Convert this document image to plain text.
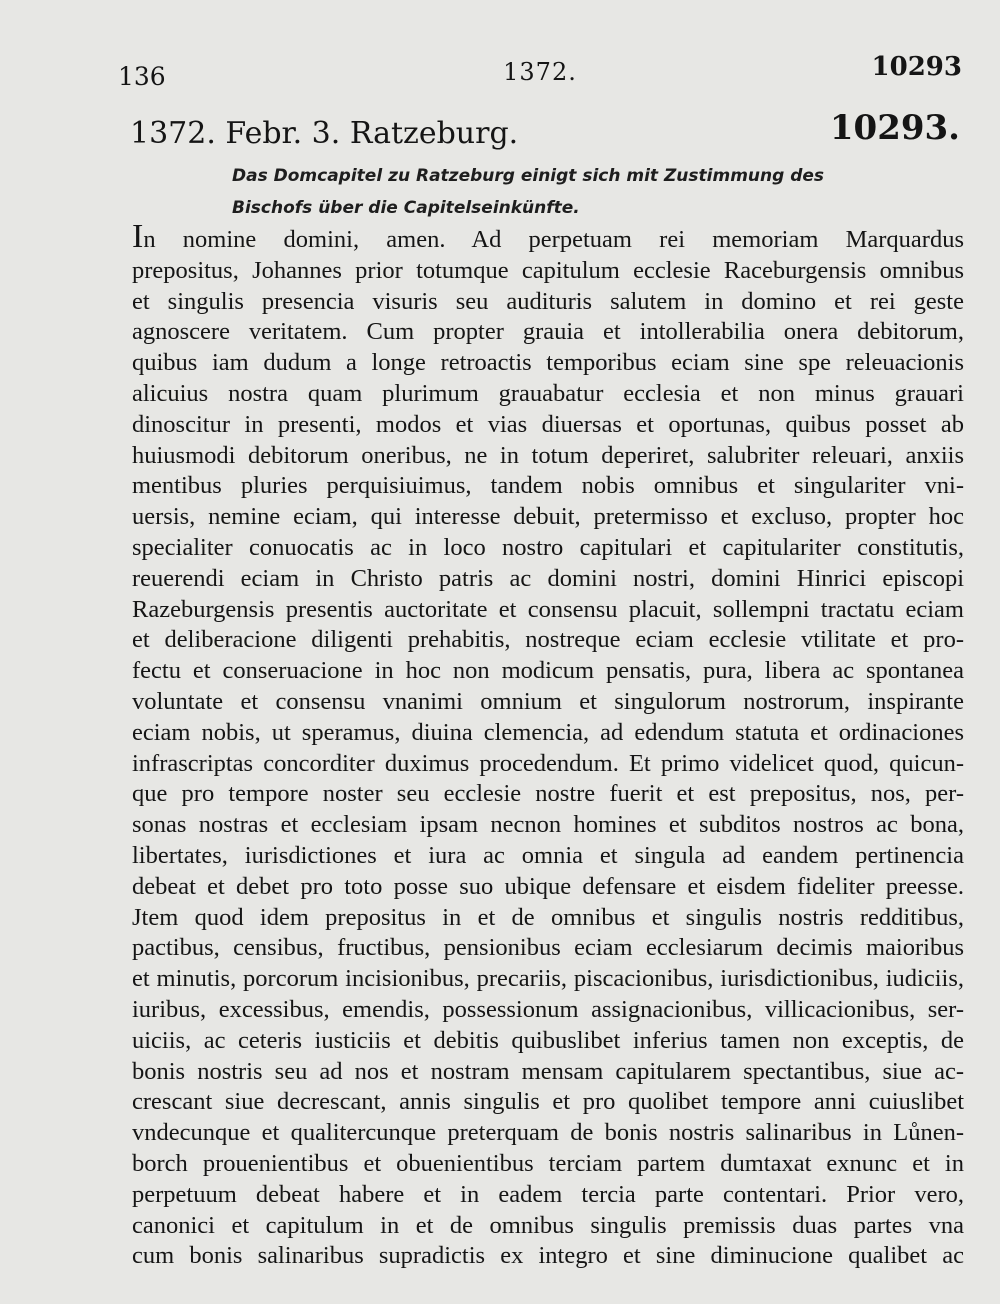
136	1372.	10293
1372. Febr. 3. Ratzeburg.	10293.
Das Domcapitel zu Ratzeburg einigt sich mit Zustimmung des
Bischofs über die Capitelseinkünfte.
In nomine domini, amen. Ad perpetuam rei memoriam Marquardus
prepositus, Johannes prior totumque capitulum ecclesie Raceburgensis omnibus
et singulis presencia visuris seu audituris salutem in domino et rei geste
agnoscere veritatem. Cum propter grauia et intollerabilia onera debitorum,
quibus iam dudum a longe retroactis temporibus eciam sine spe releuacionis
alicuius nostra quam plurimum grauabatur ecclesia et non minus grauari
dinoscitur in presenti, modos et vias diuersas et oportunas, quibus posset ab
huiusmodi debitorum oneribus, ne in totum deperiret, salubriter releuari, anxiis
mentibus pluries perquisiuimus, tandem nobis omnibus et singulariter vni-
uersis, nemine eciam, qui interesse debuit, pretermisso et excluso, propter hoc
specialiter conuocatis ac in loco nostro capitulari et capitulariter constitutis,
reuerendi eciam in Christo patris ac domini nostri, domini Hinrici episcopi
Razeburgensis presentis auctoritate et consensu placuit, sollempni tractatu eciam
et deliberacione diligenti prehabitis, nostreque eciam ecclesie vtilitate et pro-
fectu et conseruacione in hoc non modicum pensatis, pura, libera ac spontanea
voluntate et consensu vnanimi omnium et singulorum nostrorum, inspirante
eciam nobis, ut speramus, diuina clemencia, ad edendum statuta et ordinaciones
infrascriptas concorditer duximus procedendum. Et primo videlicet quod, quicun-
que pro tempore noster seu ecclesie nostre fuerit et est prepositus, nos, per-
sonas nostras et ecclesiam ipsam necnon homines et subditos nostros ac bona,
libertates, iurisdictiones et iura ac omnia et singula ad eandem pertinencia
debeat et debet pro toto posse suo ubique defensare et eisdem fideliter preesse.
Jtem quod idem prepositus in et de omnibus et singulis nostris redditibus,
pactibus, censibus, fructibus, pensionibus eciam ecclesiarum decimis maioribus
et minutis, porcorum incisionibus, precariis, piscacionibus, iurisdictionibus, iudiciis,
iuribus, excessibus, emendis, possessionum assignacionibus, villicacionibus, ser-
uiciis, ac ceteris iusticiis et debitis quibuslibet inferius tamen non exceptis, de
bonis nostris seu ad nos et nostram mensam capitularem spectantibus, siue ac-
crescant siue decrescant, annis singulis et pro quolibet tempore anni cuiuslibet
vndecunque et qualitercunque preterquam de bonis nostris salinaribus in Lůnen-
borch prouenientibus et obuenientibus terciam partem dumtaxat exnunc et in
perpetuum debeat habere et in eadem tercia parte contentari. Prior vero,
canonici et capitulum in et de omnibus singulis premissis duas partes vna
cum bonis salinaribus supradictis ex integro et sine diminucione qualibet ac
